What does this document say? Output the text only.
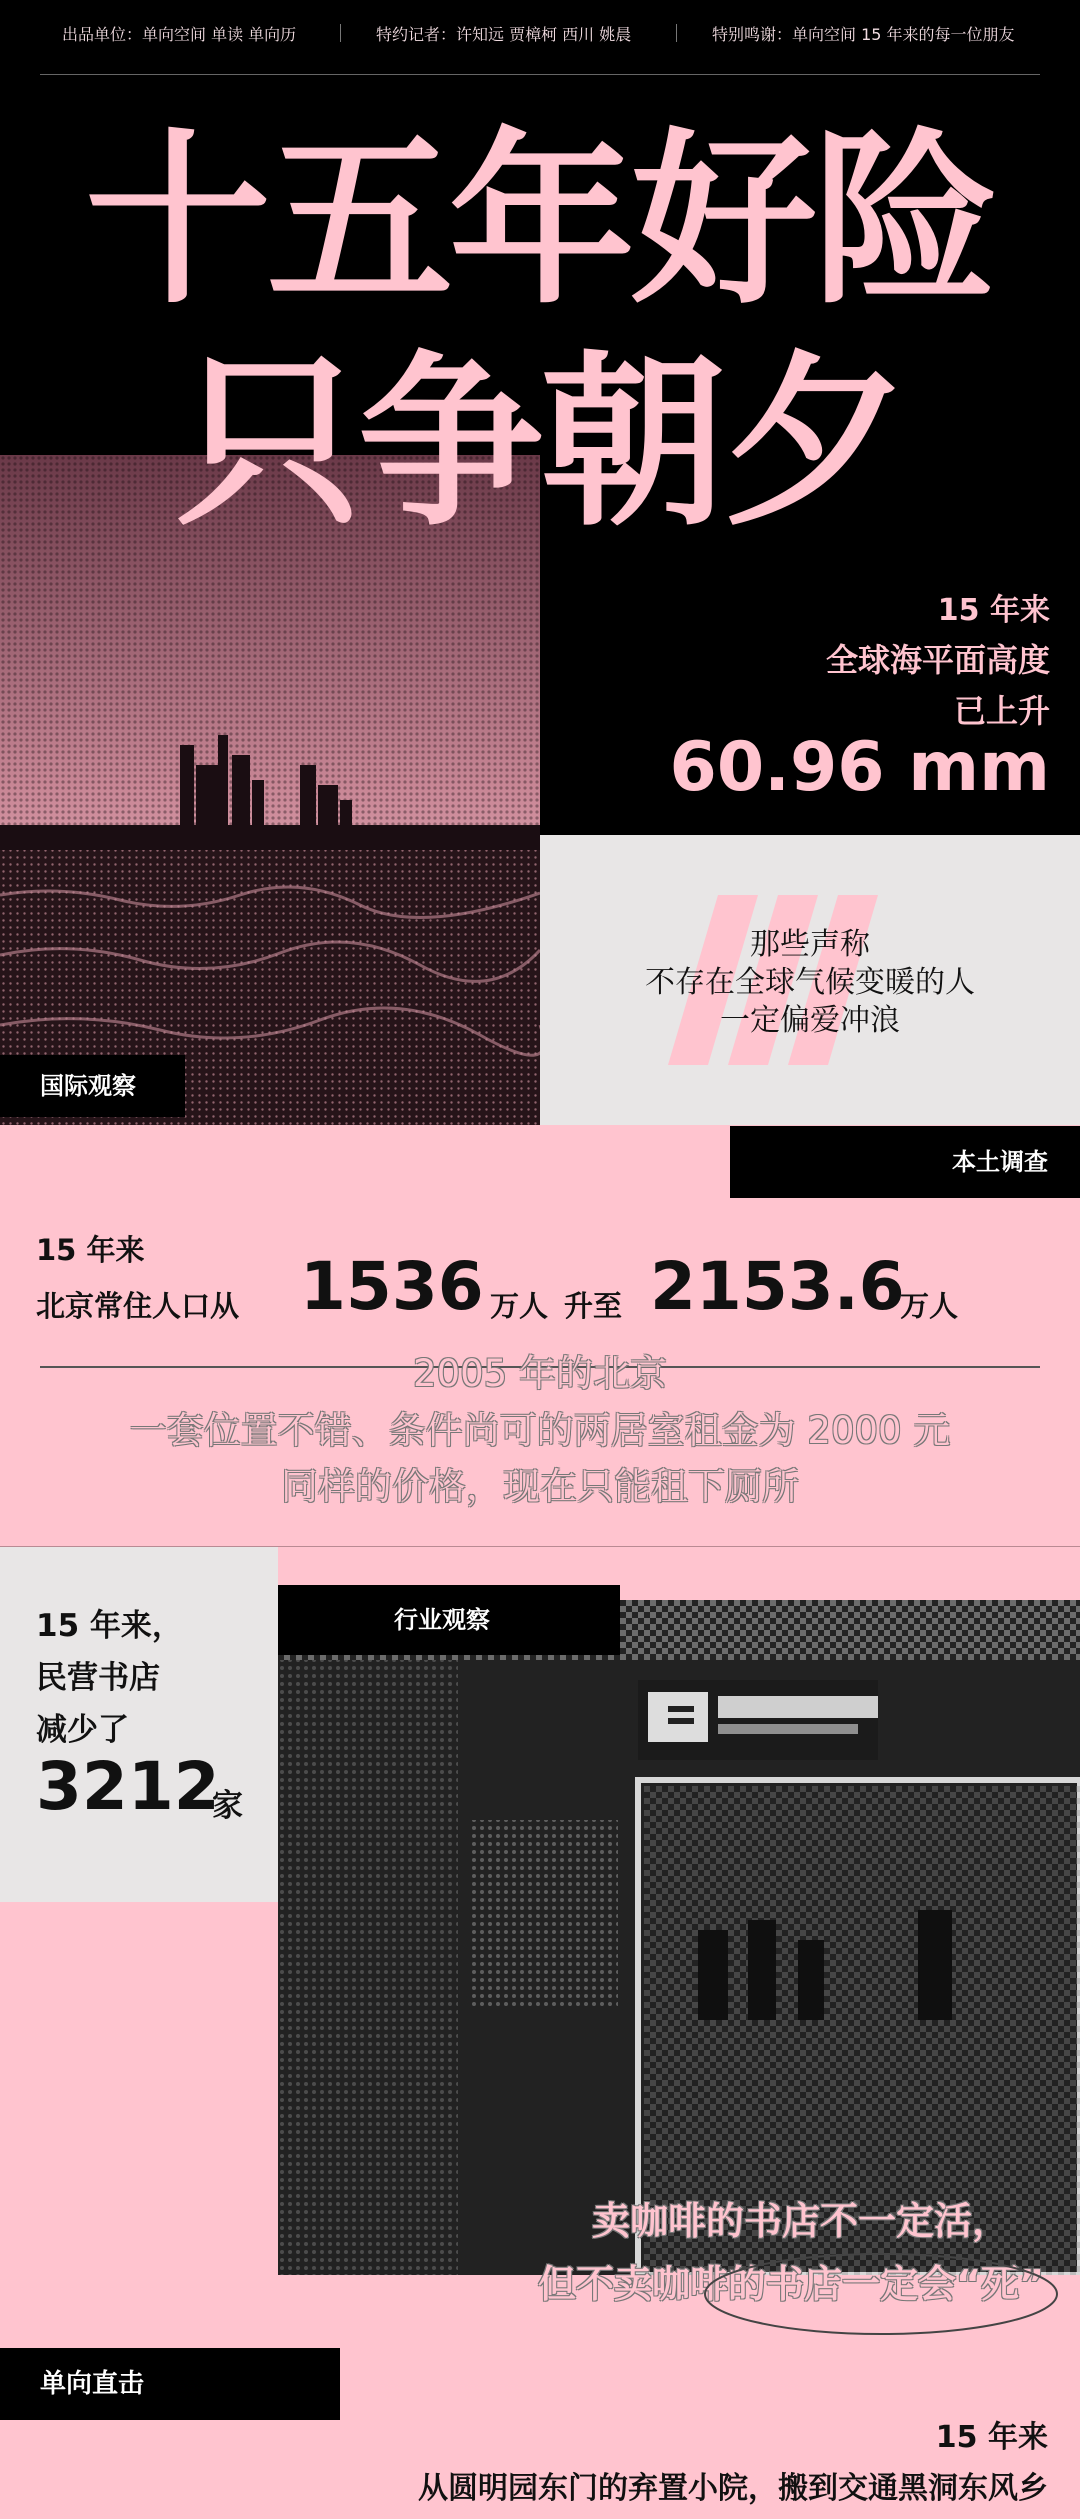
出品单位：单向空间 单读 单向历	特约记者：许知远 贾樟柯 西川 姚晨	特别鸣谢：单向空间 15 年来的每一位朋友
国际观察
十五年好险
只争朝夕
15 年来
全球海平面高度
已上升
60.96 mm
那些声称
不存在全球气候变暖的人
一定偏爱冲浪
本土调查
15 年来
北京常住人口从 1536 万人 升至 2153.6
万人
2005 年的北京
一套位置不错、条件尚可的两居室租金为 2000 元
同样的价格，现在只能租下厕所
15 年来，
民营书店
减少了
3212
家
行业观察
卖咖啡的书店不一定活，
但不卖咖啡的书店一定会“死”
单向直击
15 年来
从圆明园东门的弃置小院，搬到交通黑洞东风乡
